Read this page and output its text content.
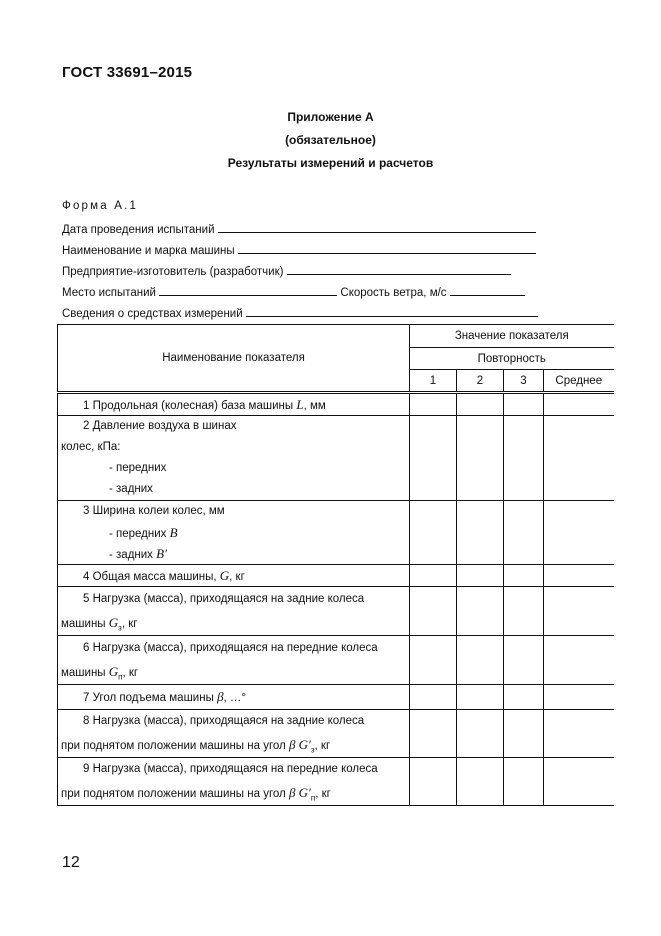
ГОСТ 33691–2015
Приложение А
(обязательное)
Результаты измерений и расчетов
Форма А.1
Дата проведения испытаний
Наименование и марка машины
Предприятие-изготовитель (разработчик)
Место испытаний	Скорость ветра, м/с
Сведения о средствах измерений
Наименование показателя	Значение показателя			
	Повторность			
	1	2	3	Среднее

1 Продольная (колесная) база машины L, мм				

2 Давление воздуха в шинах
колес, кПа:
- передних
- задних				

3 Ширина колеи колес, мм
- передних B
- задних B′				

4 Общая масса машины, G, кг				

5 Нагрузка (масса), приходящаяся на задние колеса
машины $G_з$, кг				

6 Нагрузка (масса), приходящаяся на передние колеса
машины $G_п$, кг				

7 Угол подъема машины β, …°				

8 Нагрузка (масса), приходящаяся на задние колеса
при поднятом положении машины на угол β $G'_з$, кг				

9 Нагрузка (масса), приходящаяся на передние колеса
при поднятом положении машины на угол β $G'_п$, кг				

12
